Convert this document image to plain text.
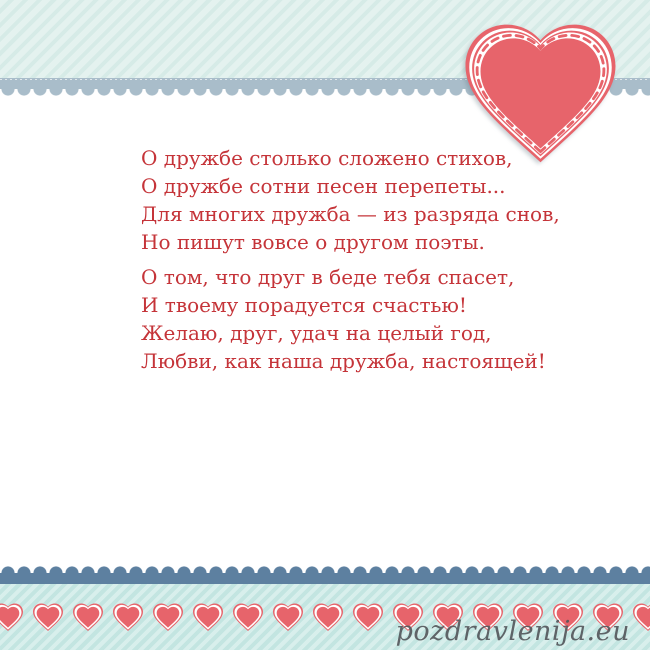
О дружбе столько сложено стихов,
О дружбе сотни песен перепеты...
Для многих дружба — из разряда снов,
Но пишут вовсе о другом поэты.
О том, что друг в беде тебя спасет,
И твоему порадуется счастью!
Желаю, друг, удач на целый год,
Любви, как наша дружба, настоящей!
pozdravlenija.eu
